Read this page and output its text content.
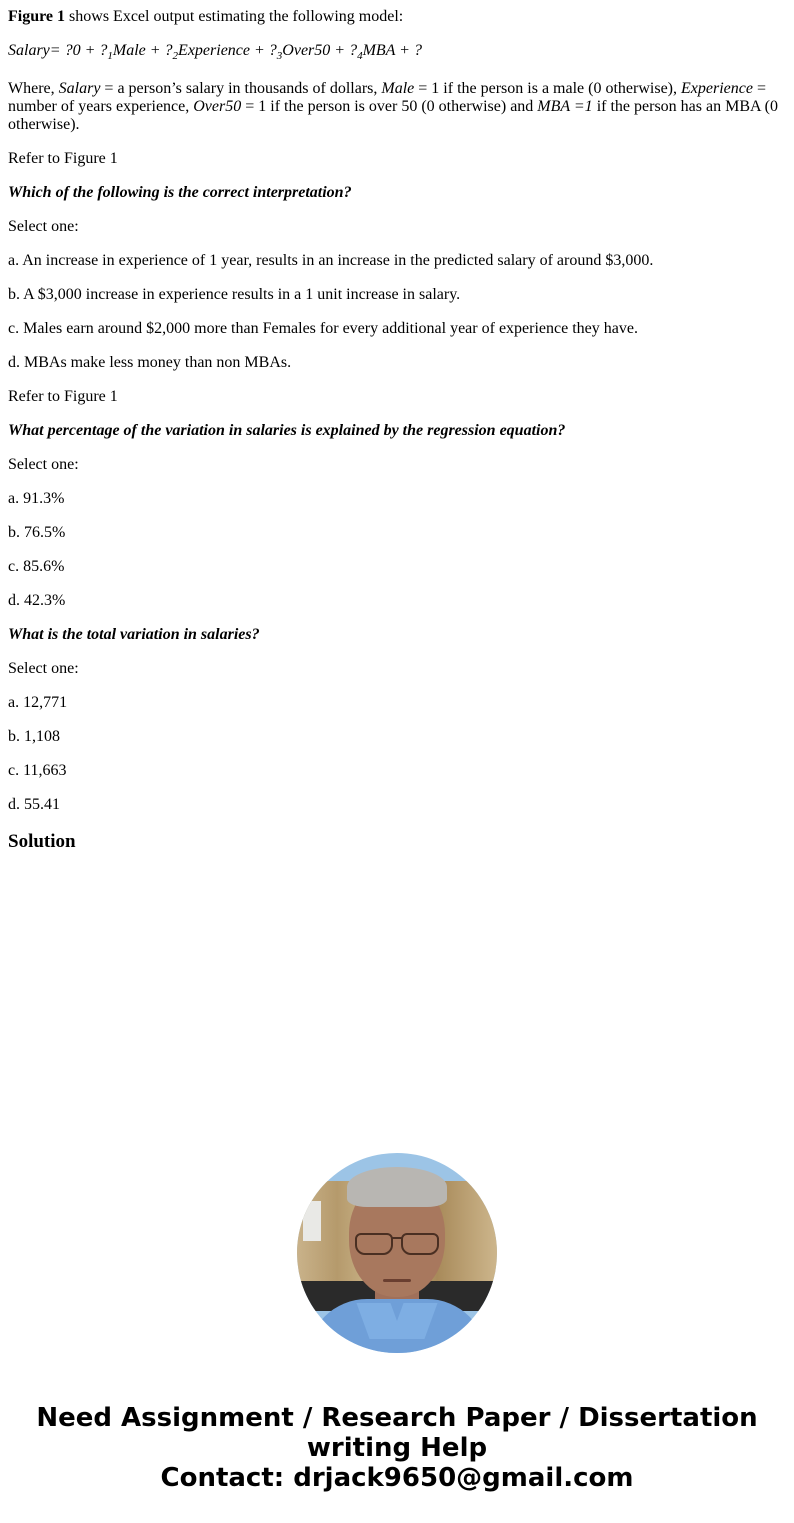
Figure 1 shows Excel output estimating the following model:

Salary= ?0 + $?_1Male$ + $?_2Experience$ + $?_3Over50$ + $?_4MBA$ + ?

Where, Salary = a person’s salary in thousands of dollars, Male = 1 if the person is a male (0 otherwise), Experience = number of years experience, Over50 = 1 if the person is over 50 (0 otherwise) and MBA =1 if the person has an MBA (0 otherwise).

Refer to Figure 1

Which of the following is the correct interpretation?

Select one:

a. An increase in experience of 1 year, results in an increase in the predicted salary of around $3,000.

b. A $3,000 increase in experience results in a 1 unit increase in salary.

c. Males earn around $2,000 more than Females for every additional year of experience they have.

d. MBAs make less money than non MBAs.

Refer to Figure 1

What percentage of the variation in salaries is explained by the regression equation?

Select one:

a. 91.3%

b. 76.5%

c. 85.6%

d. 42.3%

What is the total variation in salaries?

Select one:

a. 12,771

b. 1,108

c. 11,663

d. 55.41

Solution
Need Assignment / Research Paper / Dissertation
writing Help
Contact: drjack9650@gmail.com
